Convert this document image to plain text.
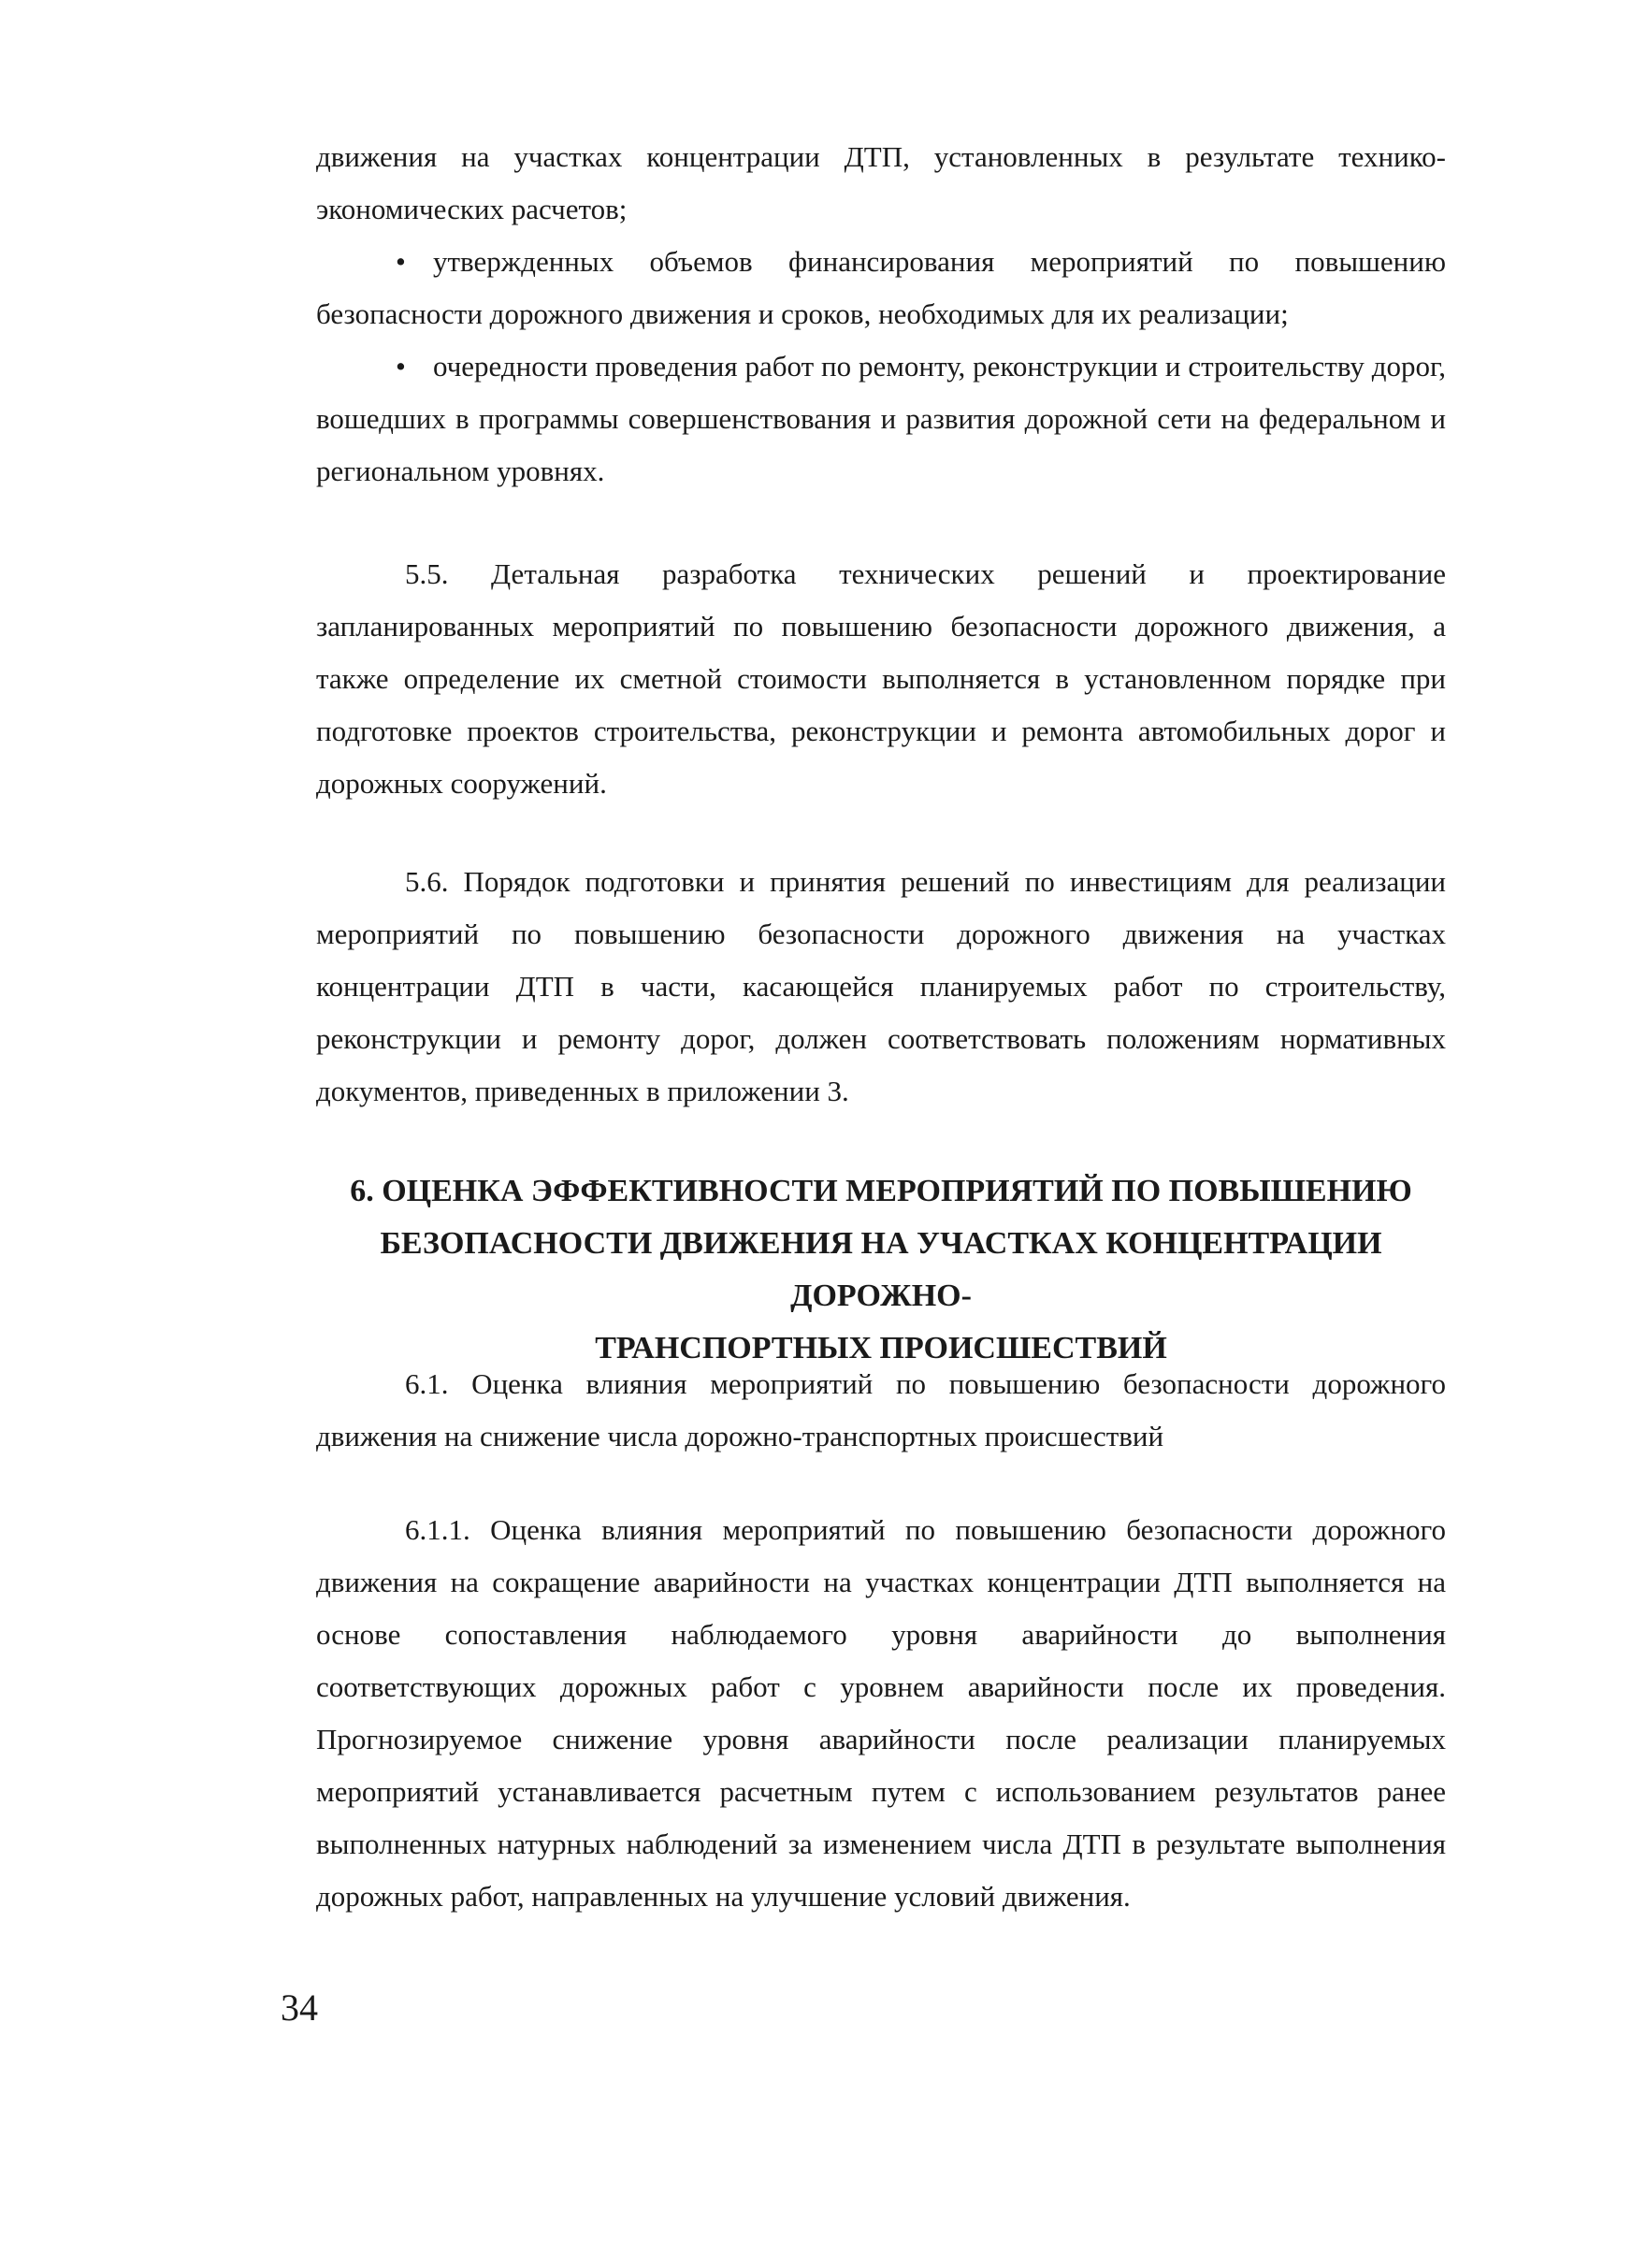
движения на участках концентрации ДТП, установленных в результате технико-экономических расчетов;

• утвержденных объемов финансирования мероприятий по повышению безопасности дорожного движения и сроков, необходимых для их реализации;

• очередности проведения работ по ремонту, реконструкции и строительству дорог, вошедших в программы совершенствования и развития дорожной сети на федеральном и региональном уровнях.

5.5. Детальная разработка технических решений и проектирование запланированных мероприятий по повышению безопасности дорожного движения, а также определение их сметной стоимости выполняется в установленном порядке при подготовке проектов строительства, реконструкции и ремонта автомобильных дорог и дорожных сооружений.

5.6. Порядок подготовки и принятия решений по инвестициям для реализации мероприятий по повышению безопасности дорожного движения на участках концентрации ДТП в части, касающейся планируемых работ по строительству, реконструкции и ремонту дорог, должен соответствовать положениям нормативных документов, приведенных в приложении 3.

6. ОЦЕНКА ЭФФЕКТИВНОСТИ МЕРОПРИЯТИЙ ПО ПОВЫШЕНИЮ
БЕЗОПАСНОСТИ ДВИЖЕНИЯ НА УЧАСТКАХ КОНЦЕНТРАЦИИ ДОРОЖНО-
ТРАНСПОРТНЫХ ПРОИСШЕСТВИЙ

6.1. Оценка влияния мероприятий по повышению безопасности дорожного движения на снижение числа дорожно-транспортных происшествий

6.1.1. Оценка влияния мероприятий по повышению безопасности дорожного движения на сокращение аварийности на участках концентрации ДТП выполняется на основе сопоставления наблюдаемого уровня аварийности до выполнения соответствующих дорожных работ с уровнем аварийности после их проведения. Прогнозируемое снижение уровня аварийности после реализации планируемых мероприятий устанавливается расчетным путем с использованием результатов ранее выполненных натурных наблюдений за изменением числа ДТП в результате выполнения дорожных работ, направленных на улучшение условий движения.

34
